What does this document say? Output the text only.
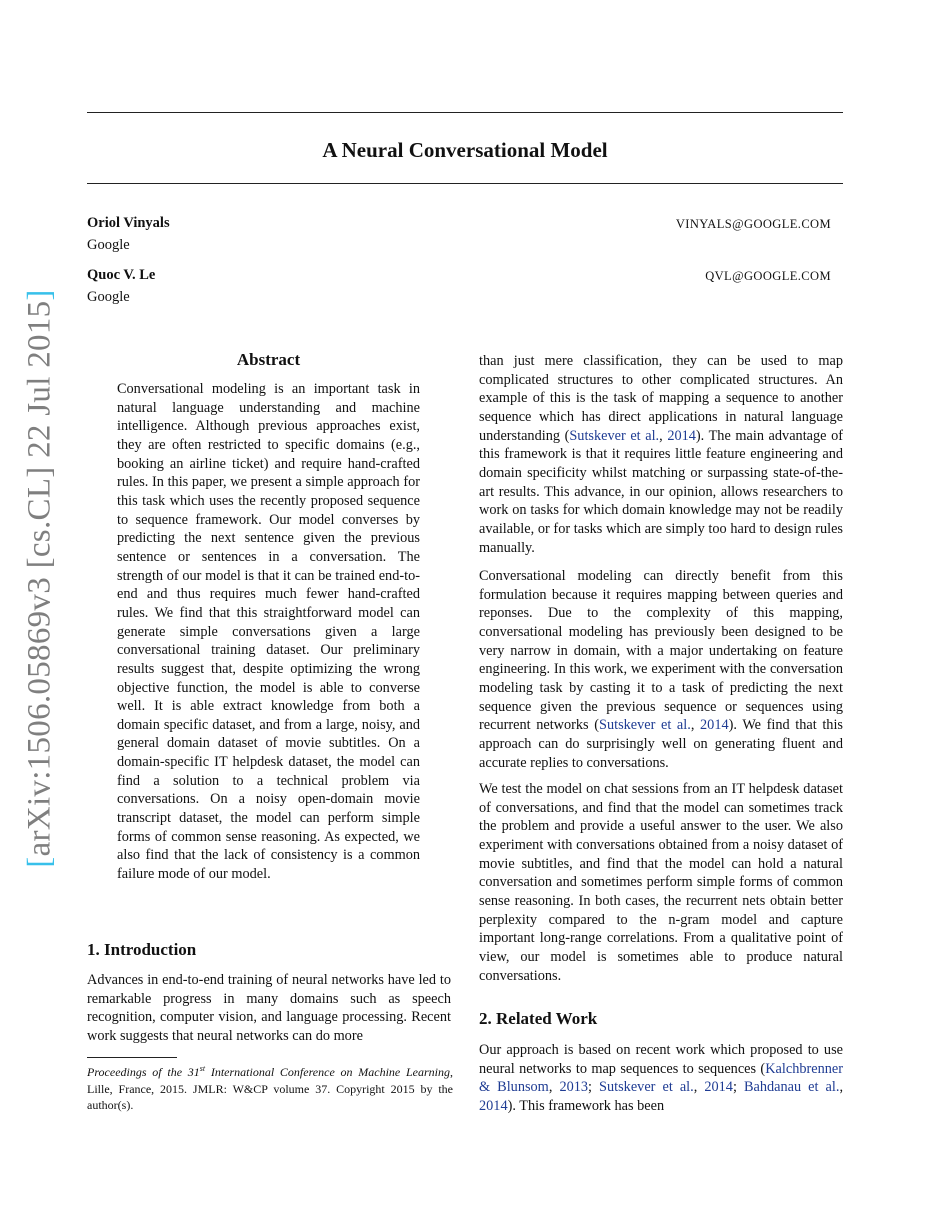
A Neural Conversational Model
Oriol Vinyals	VINYALS@GOOGLE.COM
Google
Quoc V. Le	QVL@GOOGLE.COM
Google
[arXiv:1506.05869v3 [cs.CL] 22 Jul 2015]
Abstract

Conversational modeling is an important task in natural language understanding and machine intelligence. Although previous approaches exist, they are often restricted to specific domains (e.g., booking an airline ticket) and require hand-crafted rules. In this paper, we present a simple approach for this task which uses the recently proposed sequence to sequence framework. Our model converses by predicting the next sentence given the previous sentence or sentences in a conversation. The strength of our model is that it can be trained end-to-end and thus requires much fewer hand-crafted rules. We find that this straightforward model can generate simple conversations given a large conversational training dataset. Our preliminary results suggest that, despite optimizing the wrong objective function, the model is able to converse well. It is able extract knowledge from both a domain specific dataset, and from a large, noisy, and general domain dataset of movie subtitles. On a domain-specific IT helpdesk dataset, the model can find a solution to a technical problem via conversations. On a noisy open-domain movie transcript dataset, the model can perform simple forms of common sense reasoning. As expected, we also find that the lack of consistency is a common failure mode of our model.

1. Introduction

Advances in end-to-end training of neural networks have led to remarkable progress in many domains such as speech recognition, computer vision, and language processing. Recent work suggests that neural networks can do more

Proceedings of the 31st International Conference on Machine Learning, Lille, France, 2015. JMLR: W&CP volume 37. Copyright 2015 by the author(s).

than just mere classification, they can be used to map complicated structures to other complicated structures. An example of this is the task of mapping a sequence to another sequence which has direct applications in natural language understanding (Sutskever et al., 2014). The main advantage of this framework is that it requires little feature engineering and domain specificity whilst matching or surpassing state-of-the-art results. This advance, in our opinion, allows researchers to work on tasks for which domain knowledge may not be readily available, or for tasks which are simply too hard to design rules manually.

Conversational modeling can directly benefit from this formulation because it requires mapping between queries and reponses. Due to the complexity of this mapping, conversational modeling has previously been designed to be very narrow in domain, with a major undertaking on feature engineering. In this work, we experiment with the conversation modeling task by casting it to a task of predicting the next sequence given the previous sequence or sequences using recurrent networks (Sutskever et al., 2014). We find that this approach can do surprisingly well on generating fluent and accurate replies to conversations.

We test the model on chat sessions from an IT helpdesk dataset of conversations, and find that the model can sometimes track the problem and provide a useful answer to the user. We also experiment with conversations obtained from a noisy dataset of movie subtitles, and find that the model can hold a natural conversation and sometimes perform simple forms of common sense reasoning. In both cases, the recurrent nets obtain better perplexity compared to the n-gram model and capture important long-range correlations. From a qualitative point of view, our model is sometimes able to produce natural conversations.

2. Related Work

Our approach is based on recent work which proposed to use neural networks to map sequences to sequences (Kalchbrenner & Blunsom, 2013; Sutskever et al., 2014; Bahdanau et al., 2014). This framework has been
